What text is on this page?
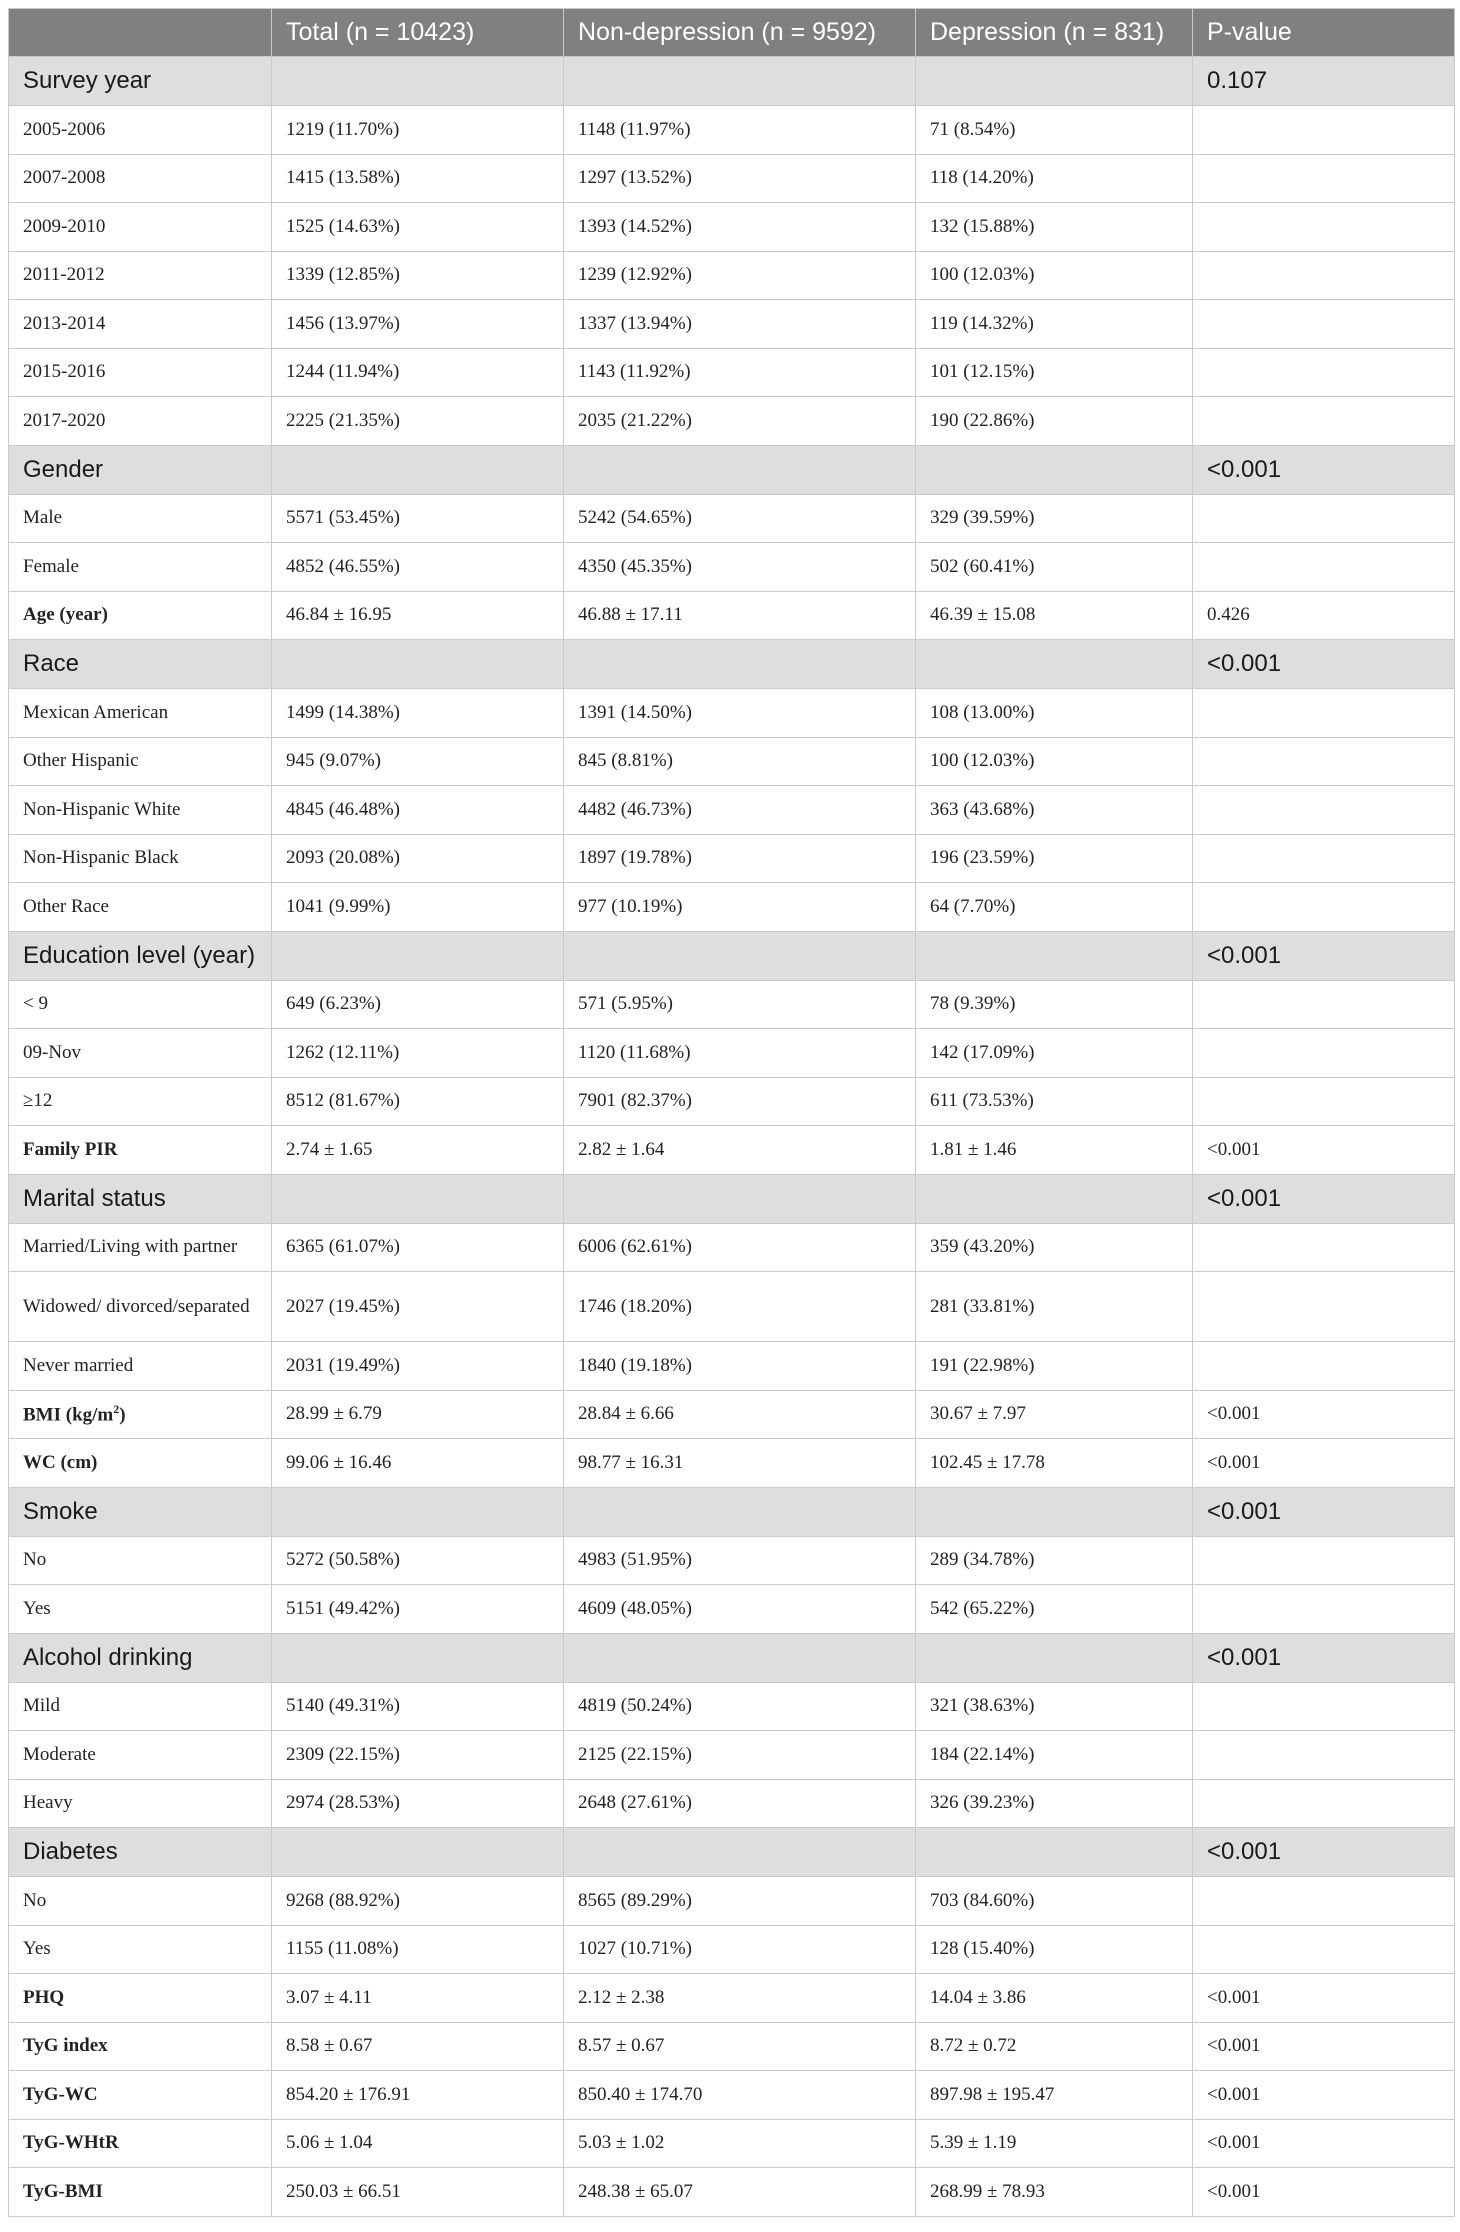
	Total (n = 10423)	Non-depression (n = 9592)	Depression (n = 831)	P-value
Survey year				0.107
2005-2006	1219 (11.70%)	1148 (11.97%)	71 (8.54%)	
2007-2008	1415 (13.58%)	1297 (13.52%)	118 (14.20%)	
2009-2010	1525 (14.63%)	1393 (14.52%)	132 (15.88%)	
2011-2012	1339 (12.85%)	1239 (12.92%)	100 (12.03%)	
2013-2014	1456 (13.97%)	1337 (13.94%)	119 (14.32%)	
2015-2016	1244 (11.94%)	1143 (11.92%)	101 (12.15%)	
2017-2020	2225 (21.35%)	2035 (21.22%)	190 (22.86%)	
Gender				<0.001
Male	5571 (53.45%)	5242 (54.65%)	329 (39.59%)	
Female	4852 (46.55%)	4350 (45.35%)	502 (60.41%)	
Age (year)	46.84 ± 16.95	46.88 ± 17.11	46.39 ± 15.08	0.426
Race				<0.001
Mexican American	1499 (14.38%)	1391 (14.50%)	108 (13.00%)	
Other Hispanic	945 (9.07%)	845 (8.81%)	100 (12.03%)	
Non-Hispanic White	4845 (46.48%)	4482 (46.73%)	363 (43.68%)	
Non-Hispanic Black	2093 (20.08%)	1897 (19.78%)	196 (23.59%)	
Other Race	1041 (9.99%)	977 (10.19%)	64 (7.70%)	
Education level (year)				<0.001
< 9	649 (6.23%)	571 (5.95%)	78 (9.39%)	
09-Nov	1262 (12.11%)	1120 (11.68%)	142 (17.09%)	
≥12	8512 (81.67%)	7901 (82.37%)	611 (73.53%)	
Family PIR	2.74 ± 1.65	2.82 ± 1.64	1.81 ± 1.46	<0.001
Marital status				<0.001
Married/Living with partner	6365 (61.07%)	6006 (62.61%)	359 (43.20%)	
Widowed/ divorced/separated	2027 (19.45%)	1746 (18.20%)	281 (33.81%)	
Never married	2031 (19.49%)	1840 (19.18%)	191 (22.98%)	
BMI $(kg/m^2)$	28.99 ± 6.79	28.84 ± 6.66	30.67 ± 7.97	<0.001
WC (cm)	99.06 ± 16.46	98.77 ± 16.31	102.45 ± 17.78	<0.001
Smoke				<0.001
No	5272 (50.58%)	4983 (51.95%)	289 (34.78%)	
Yes	5151 (49.42%)	4609 (48.05%)	542 (65.22%)	
Alcohol drinking				<0.001
Mild	5140 (49.31%)	4819 (50.24%)	321 (38.63%)	
Moderate	2309 (22.15%)	2125 (22.15%)	184 (22.14%)	
Heavy	2974 (28.53%)	2648 (27.61%)	326 (39.23%)	
Diabetes				<0.001
No	9268 (88.92%)	8565 (89.29%)	703 (84.60%)	
Yes	1155 (11.08%)	1027 (10.71%)	128 (15.40%)	
PHQ	3.07 ± 4.11	2.12 ± 2.38	14.04 ± 3.86	<0.001
TyG index	8.58 ± 0.67	8.57 ± 0.67	8.72 ± 0.72	<0.001
TyG-WC	854.20 ± 176.91	850.40 ± 174.70	897.98 ± 195.47	<0.001
TyG-WHtR	5.06 ± 1.04	5.03 ± 1.02	5.39 ± 1.19	<0.001
TyG-BMI	250.03 ± 66.51	248.38 ± 65.07	268.99 ± 78.93	<0.001
